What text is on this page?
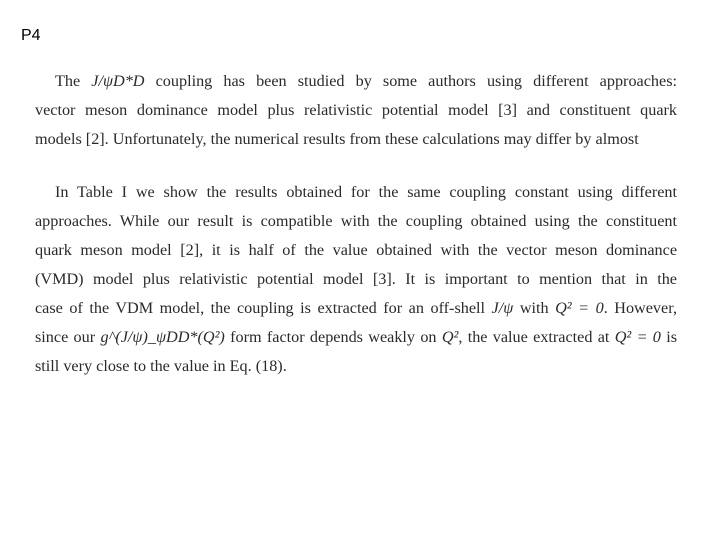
P4
The J/ψD*D coupling has been studied by some authors using different approaches:
vector meson dominance model plus relativistic potential model [3] and constituent quark
models [2]. Unfortunately, the numerical results from these calculations may differ by almost
In Table I we show the results obtained for the same coupling constant using different
approaches. While our result is compatible with the coupling obtained using the constituent
quark meson model [2], it is half of the value obtained with the vector meson dominance
(VMD) model plus relativistic potential model [3]. It is important to mention that in the
case of the VDM model, the coupling is extracted for an off-shell J/ψ with Q² = 0. However,
since our g^(J/ψ)_ψDD*(Q²) form factor depends weakly on Q², the value extracted at Q² = 0 is
still very close to the value in Eq. (18).
